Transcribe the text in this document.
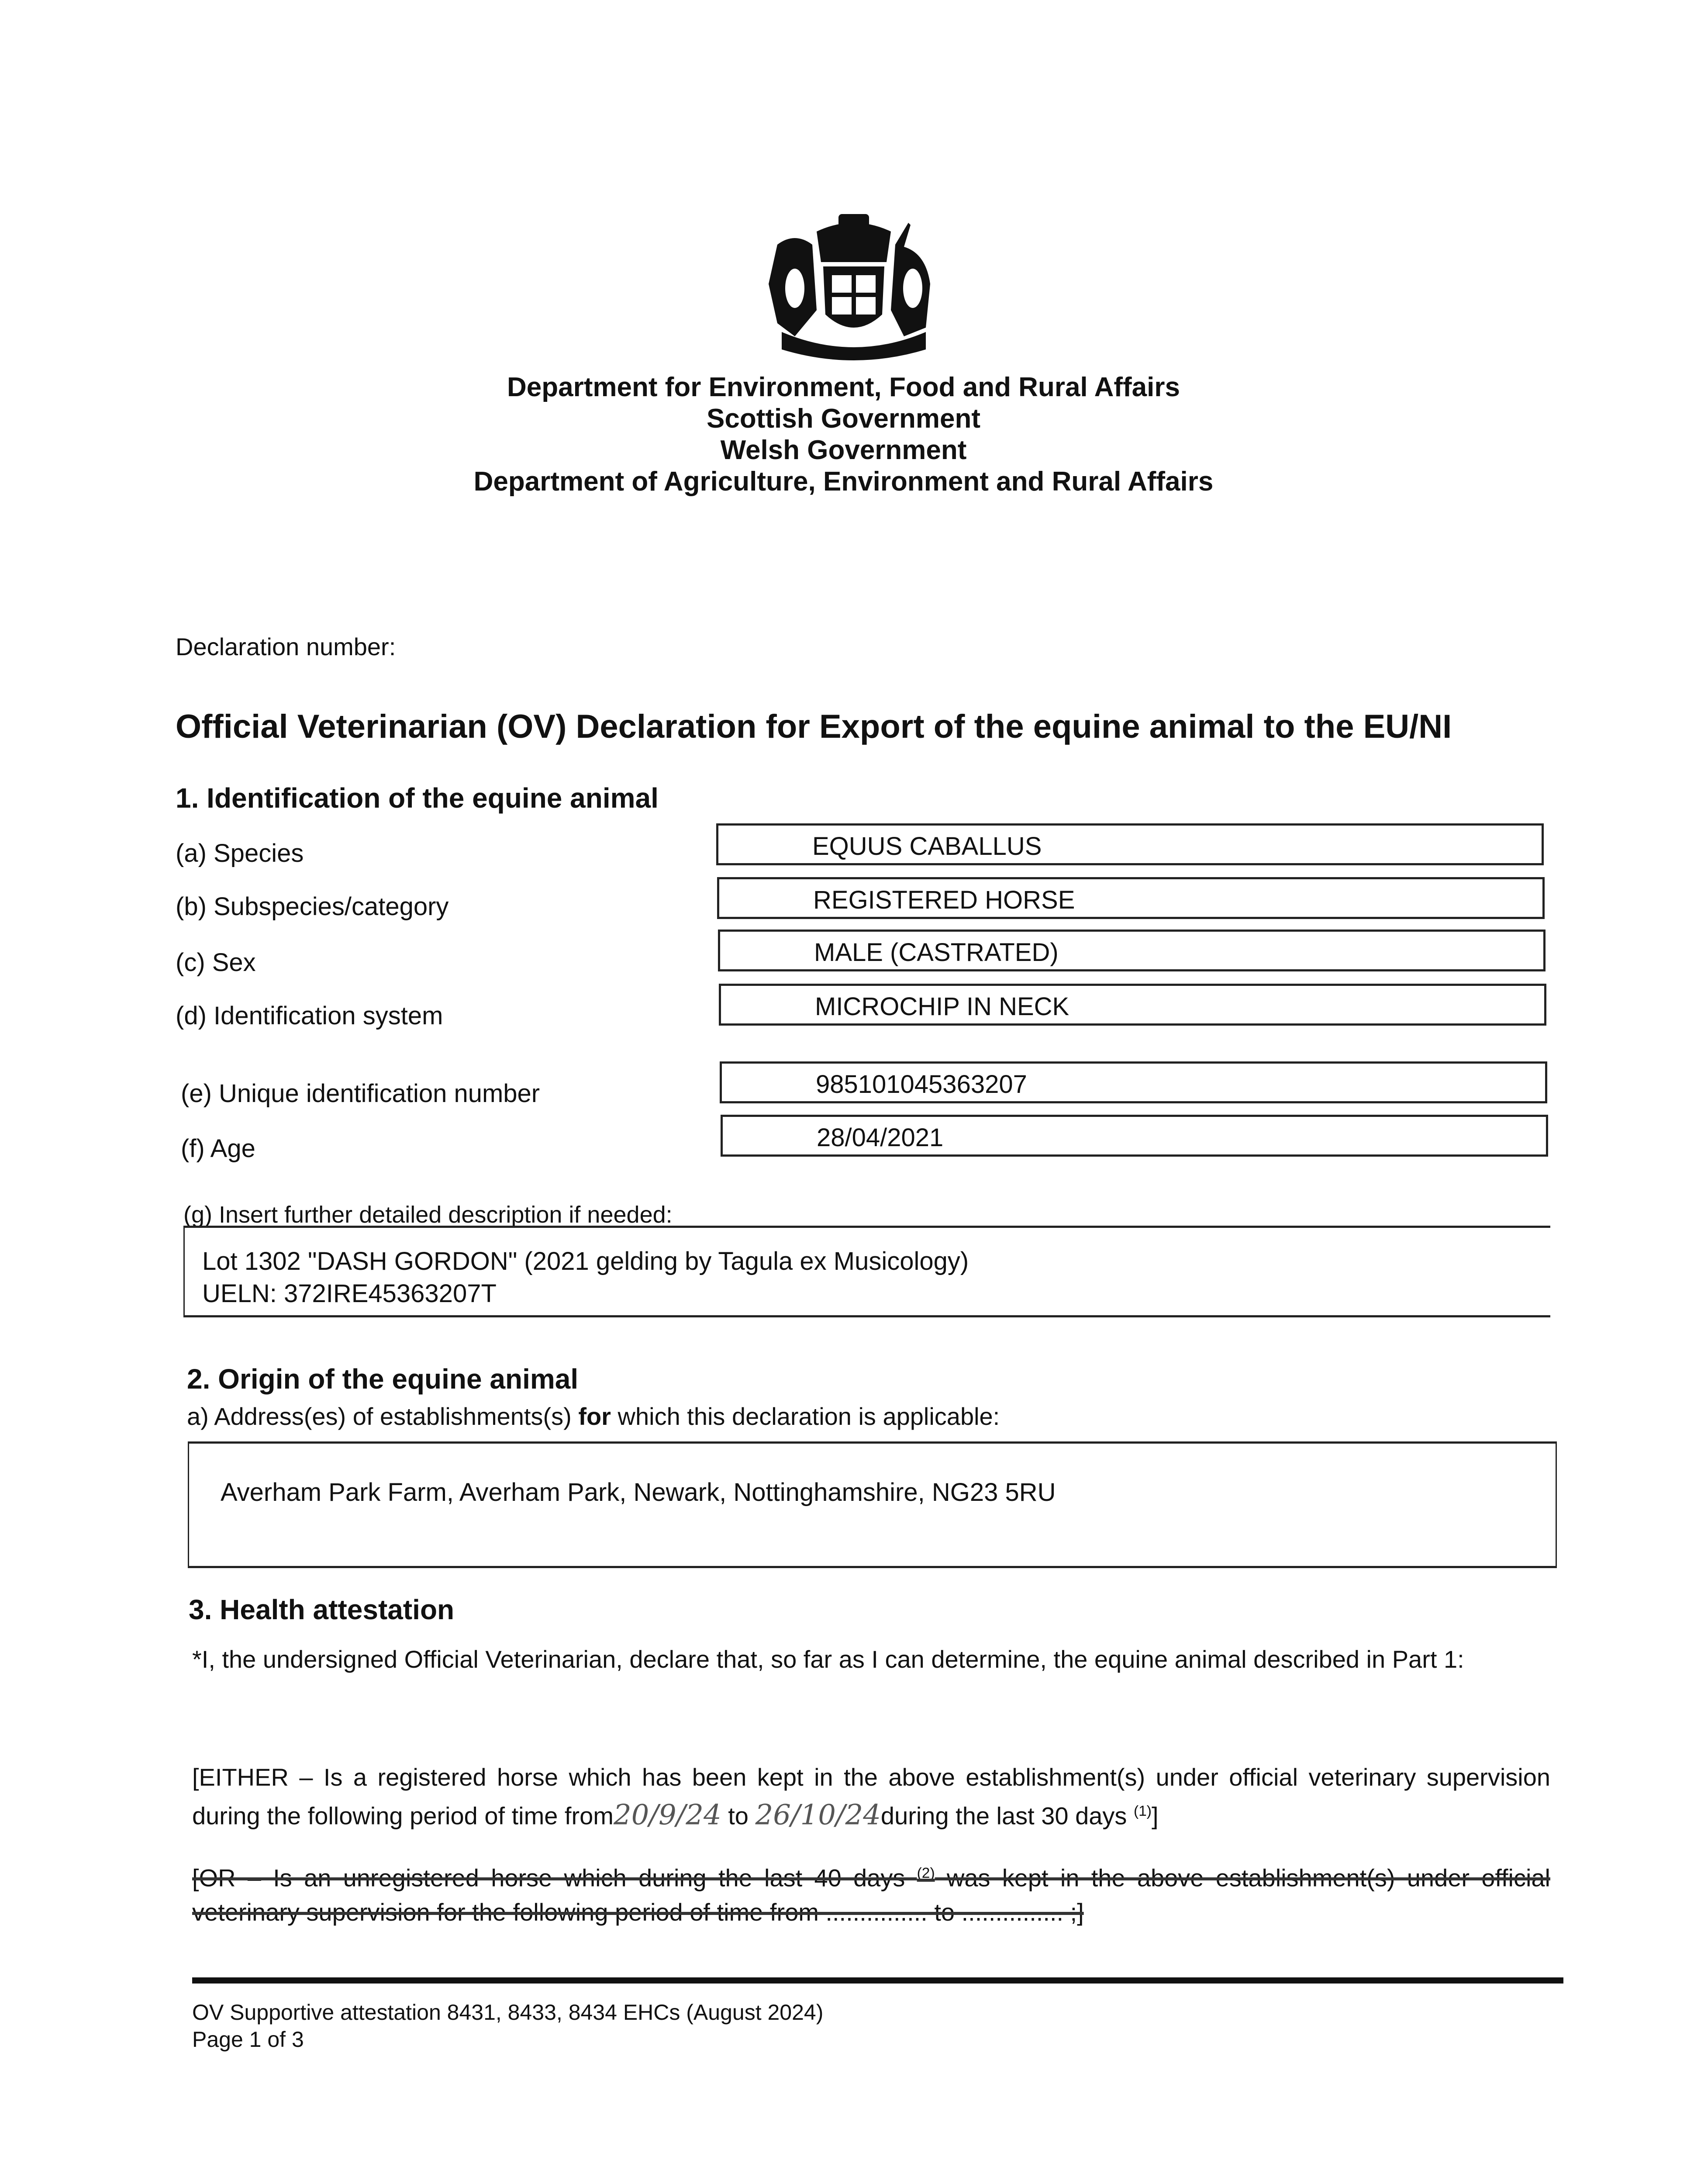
Department for Environment, Food and Rural Affairs
Scottish Government
Welsh Government
Department of Agriculture, Environment and Rural Affairs
Declaration number:
Official Veterinarian (OV) Declaration for Export of the equine animal to the EU/NI
1. Identification of the equine animal
(a) Species	EQUUS CABALLUS
(b) Subspecies/category	REGISTERED HORSE
(c) Sex	MALE (CASTRATED)
(d) Identification system	MICROCHIP IN NECK
(e) Unique identification number	985101045363207
(f) Age	28/04/2021
(g) Insert further detailed description if needed:
Lot 1302 "DASH GORDON" (2021 gelding by Tagula ex Musicology)
UELN: 372IRE45363207T
2. Origin of the equine animal
a) Address(es) of establishments(s) for which this declaration is applicable:
Averham Park Farm, Averham Park, Newark, Nottinghamshire, NG23 5RU
3. Health attestation
*I, the undersigned Official Veterinarian, declare that, so far as I can determine, the equine animal described in Part 1:
[EITHER – Is a registered horse which has been kept in the above establishment(s) under official veterinary supervision during the following period of time from20/9/24 to 26/10/24during the last 30 days $^{(1)}$]
[OR – Is an unregistered horse which during the last 40 days $^{(2)}$ was kept in the above establishment(s) under official veterinary supervision for the following period of time from ............... to ............... ;]
OV Supportive attestation 8431, 8433, 8434 EHCs (August 2024)
Page 1 of 3
